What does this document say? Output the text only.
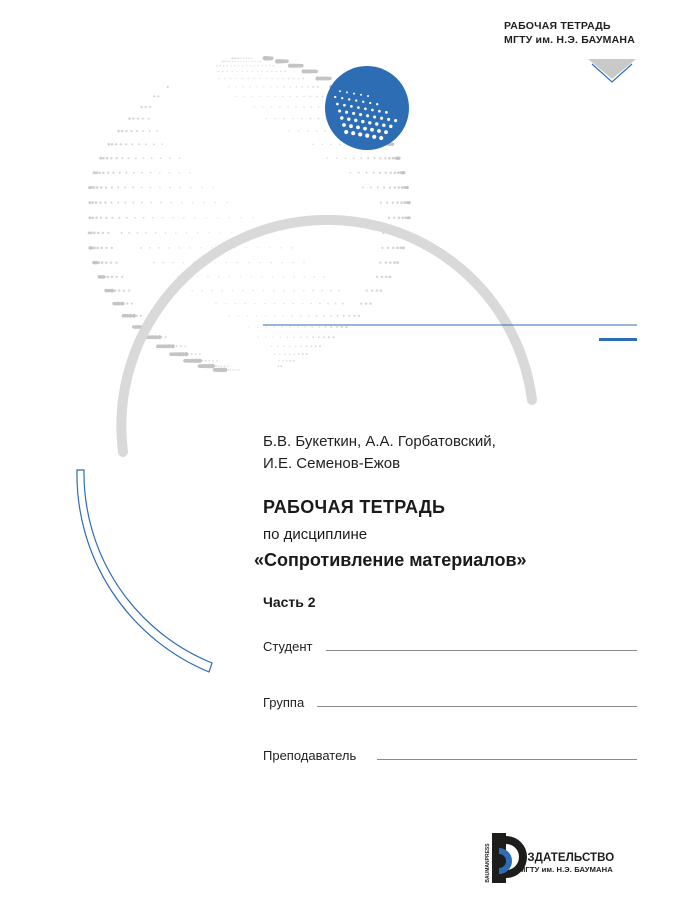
BAUMANPRESS
РАБОЧАЯ ТЕТРАДЬ
МГТУ им. Н.Э. БАУМАНА
Б.В. Букеткин, А.А. Горбатовский,
И.Е. Семенов-Ежов
РАБОЧАЯ ТЕТРАДЬ
по дисциплине
«Сопротивление материалов»
Часть 2
Студент
Группа
Преподаватель
ИЗДАТЕЛЬСТВО
МГТУ им. Н.Э. БАУМАНА
